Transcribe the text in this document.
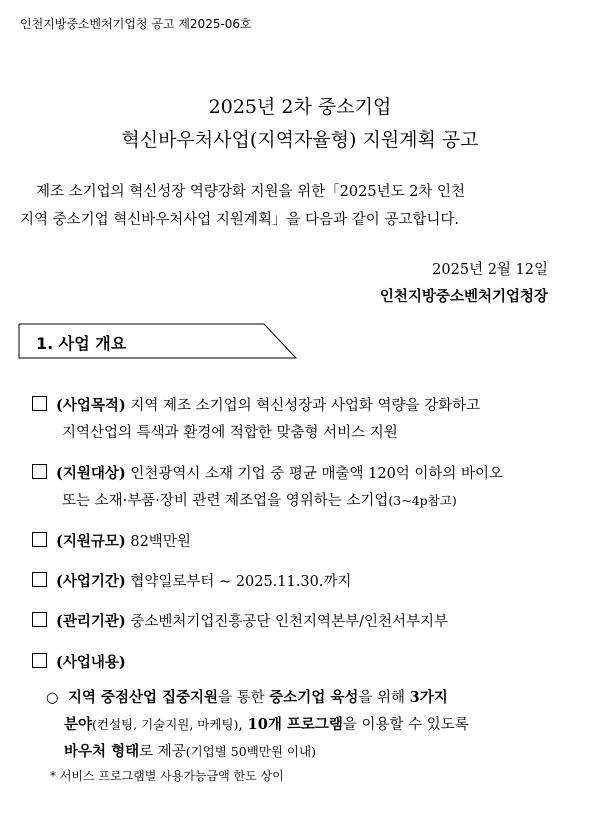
인천지방중소벤처기업청 공고 제2025-06호
2025년 2차 중소기업
혁신바우처사업(지역자율형) 지원계획 공고
제조 소기업의 혁신성장 역량강화 지원을 위한「2025년도 2차 인천
지역 중소기업 혁신바우처사업 지원계획」을 다음과 같이 공고합니다.
2025년 2월 12일
인천지방중소벤처기업청장
1. 사업 개요
(사업목적) 지역 제조 소기업의 혁신성장과 사업화 역량을 강화하고
지역산업의 특색과 환경에 적합한 맞춤형 서비스 지원
(지원대상) 인천광역시 소재 기업 중 평균 매출액 120억 이하의 바이오
또는 소재·부품·장비 관련 제조업을 영위하는 소기업(3~4p참고)
(지원규모) 82백만원
(사업기간) 협약일로부터 ~ 2025.11.30.까지
(관리기관) 중소벤처기업진흥공단 인천지역본부/인천서부지부
(사업내용)
○ 지역 중점산업 집중지원을 통한 중소기업 육성을 위해 3가지
분야(컨설팅, 기술지원, 마케팅), 10개 프로그램을 이용할 수 있도록
바우처 형태로 제공(기업별 50백만원 이내)
* 서비스 프로그램별 사용가능금액 한도 상이
